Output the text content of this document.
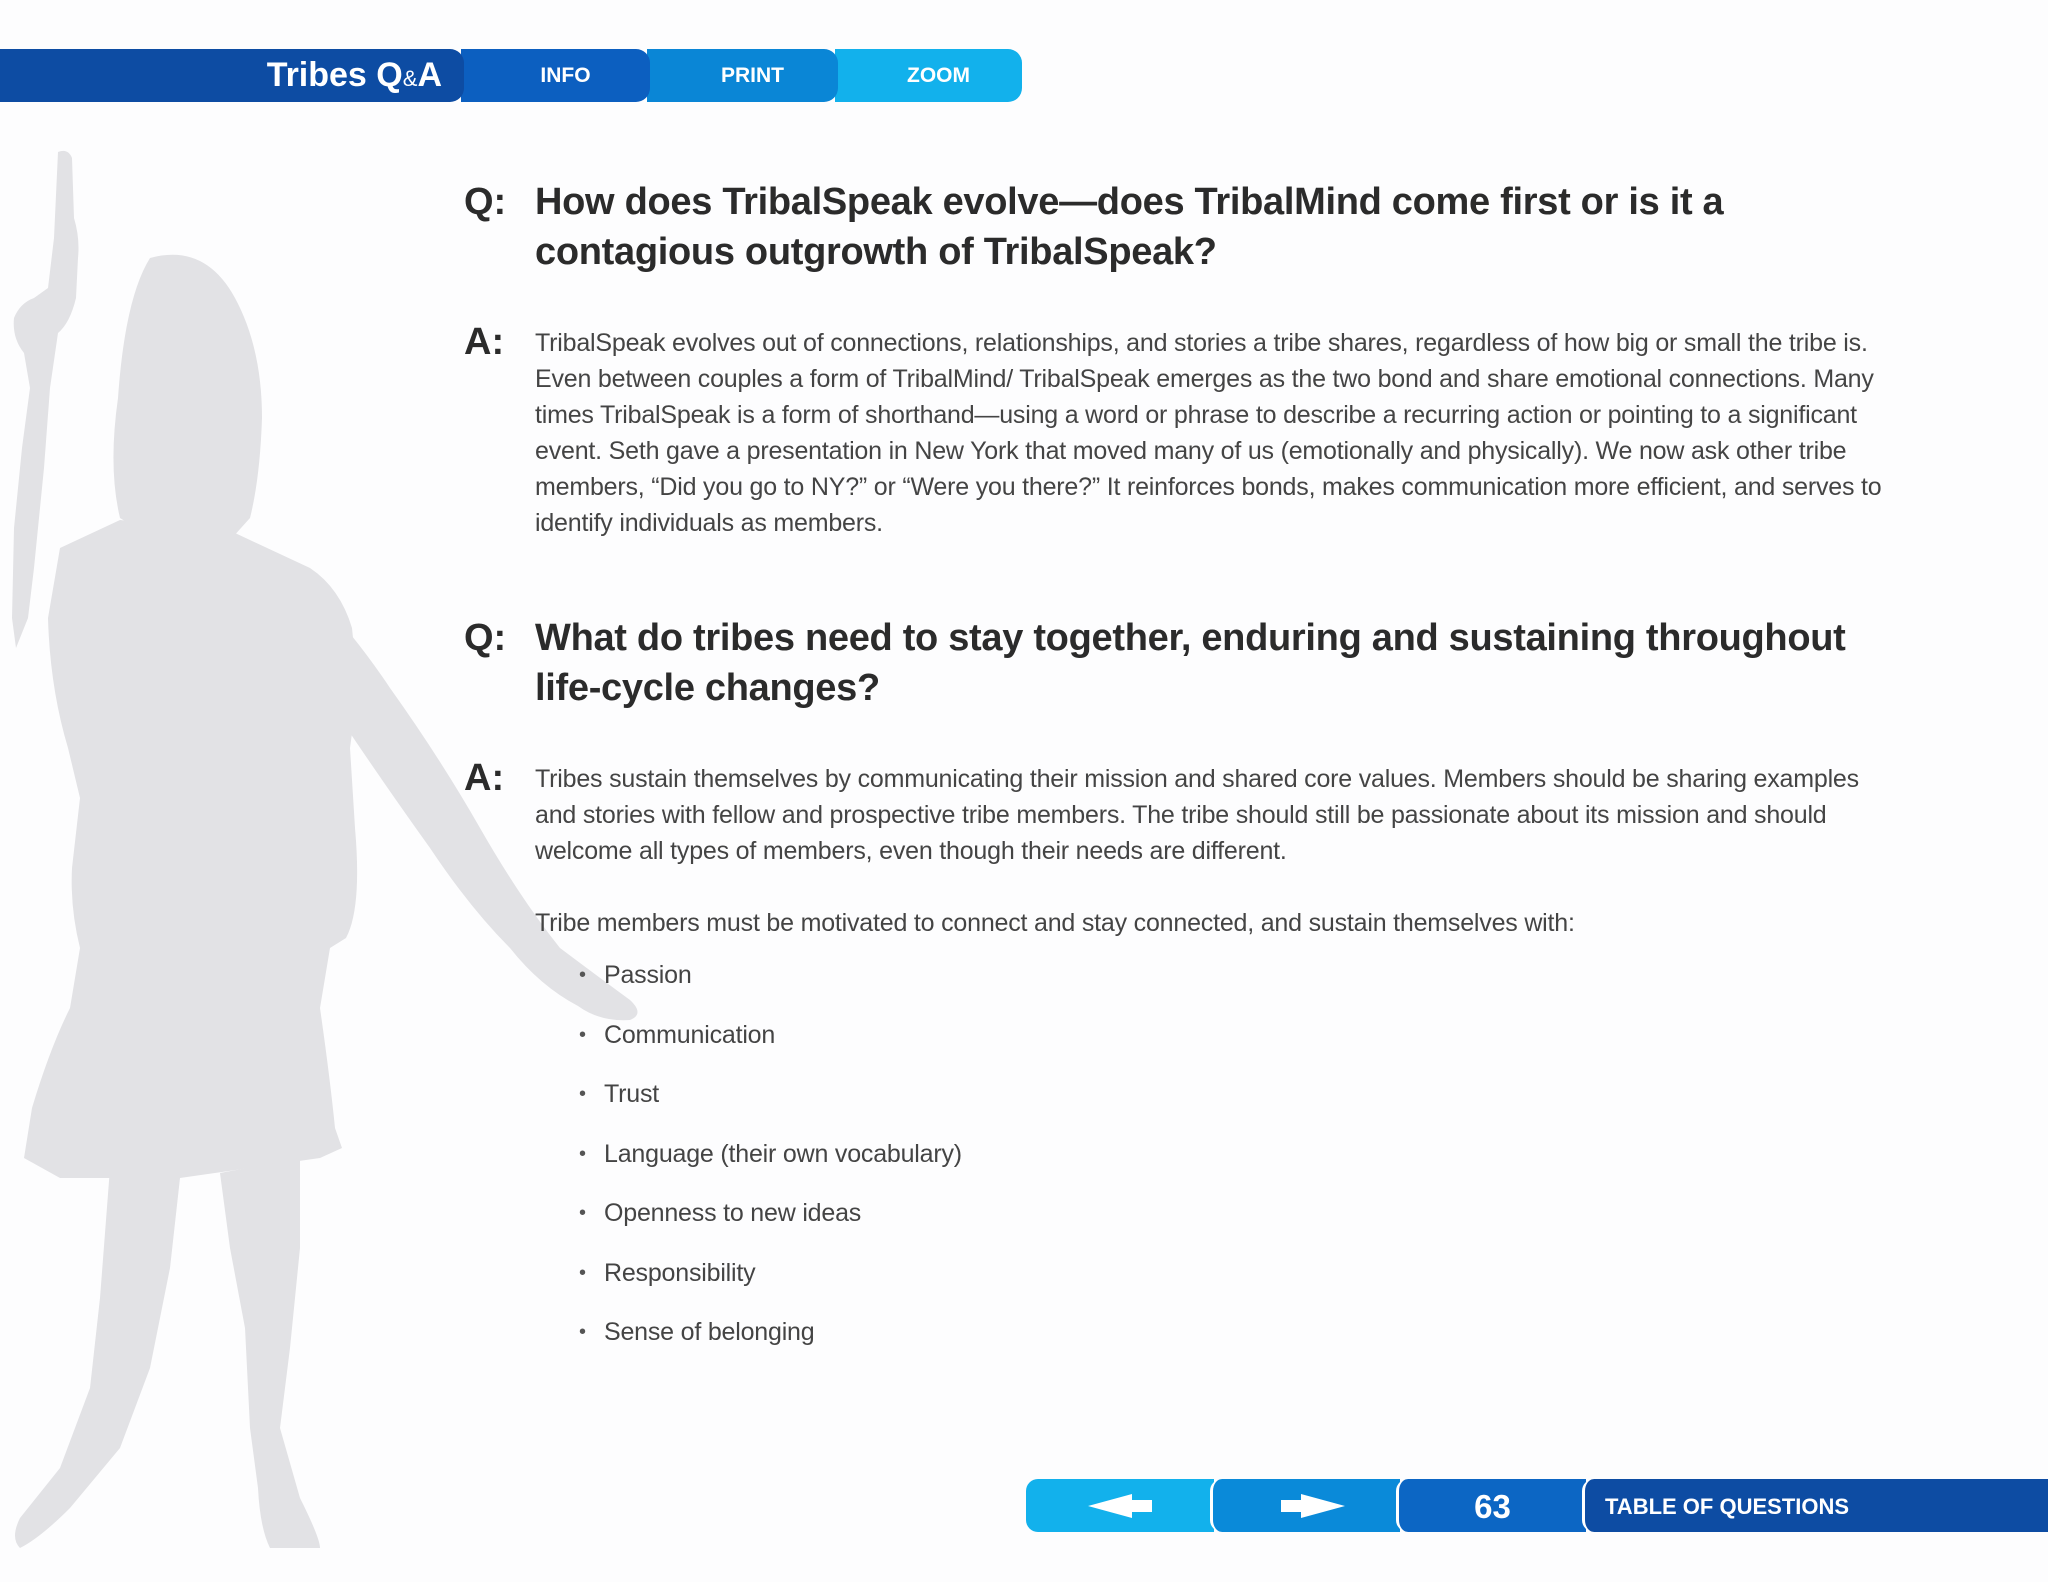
Tribes Q&A	INFO	PRINT	ZOOM
Q: How does TribalSpeak evolve—does TribalMind come first or is it a contagious outgrowth of TribalSpeak?
A: TribalSpeak evolves out of connections, relationships, and stories a tribe shares, regardless of how big or small the tribe is. Even between couples a form of TribalMind/ TribalSpeak emerges as the two bond and share emotional connections. Many times TribalSpeak is a form of shorthand—using a word or phrase to describe a recurring action or pointing to a significant event. Seth gave a presentation in New York that moved many of us (emotionally and physically). We now ask other tribe members, “Did you go to NY?” or “Were you there?” It reinforces bonds, makes communication more efficient, and serves to identify individuals as members.

Q: What do tribes need to stay together, enduring and sustaining throughout life-cycle changes?
A: Tribes sustain themselves by communicating their mission and shared core values. Members should be sharing examples and stories with fellow and prospective tribe members. The tribe should still be passionate about its mission and should welcome all types of members, even though their needs are different.

Tribe members must be motivated to connect and stay connected, and sustain themselves with:

• Passion
• Communication
• Trust
• Language (their own vocabulary)
• Openness to new ideas
• Responsibility
• Sense of belonging
63	TABLE OF QUESTIONS
